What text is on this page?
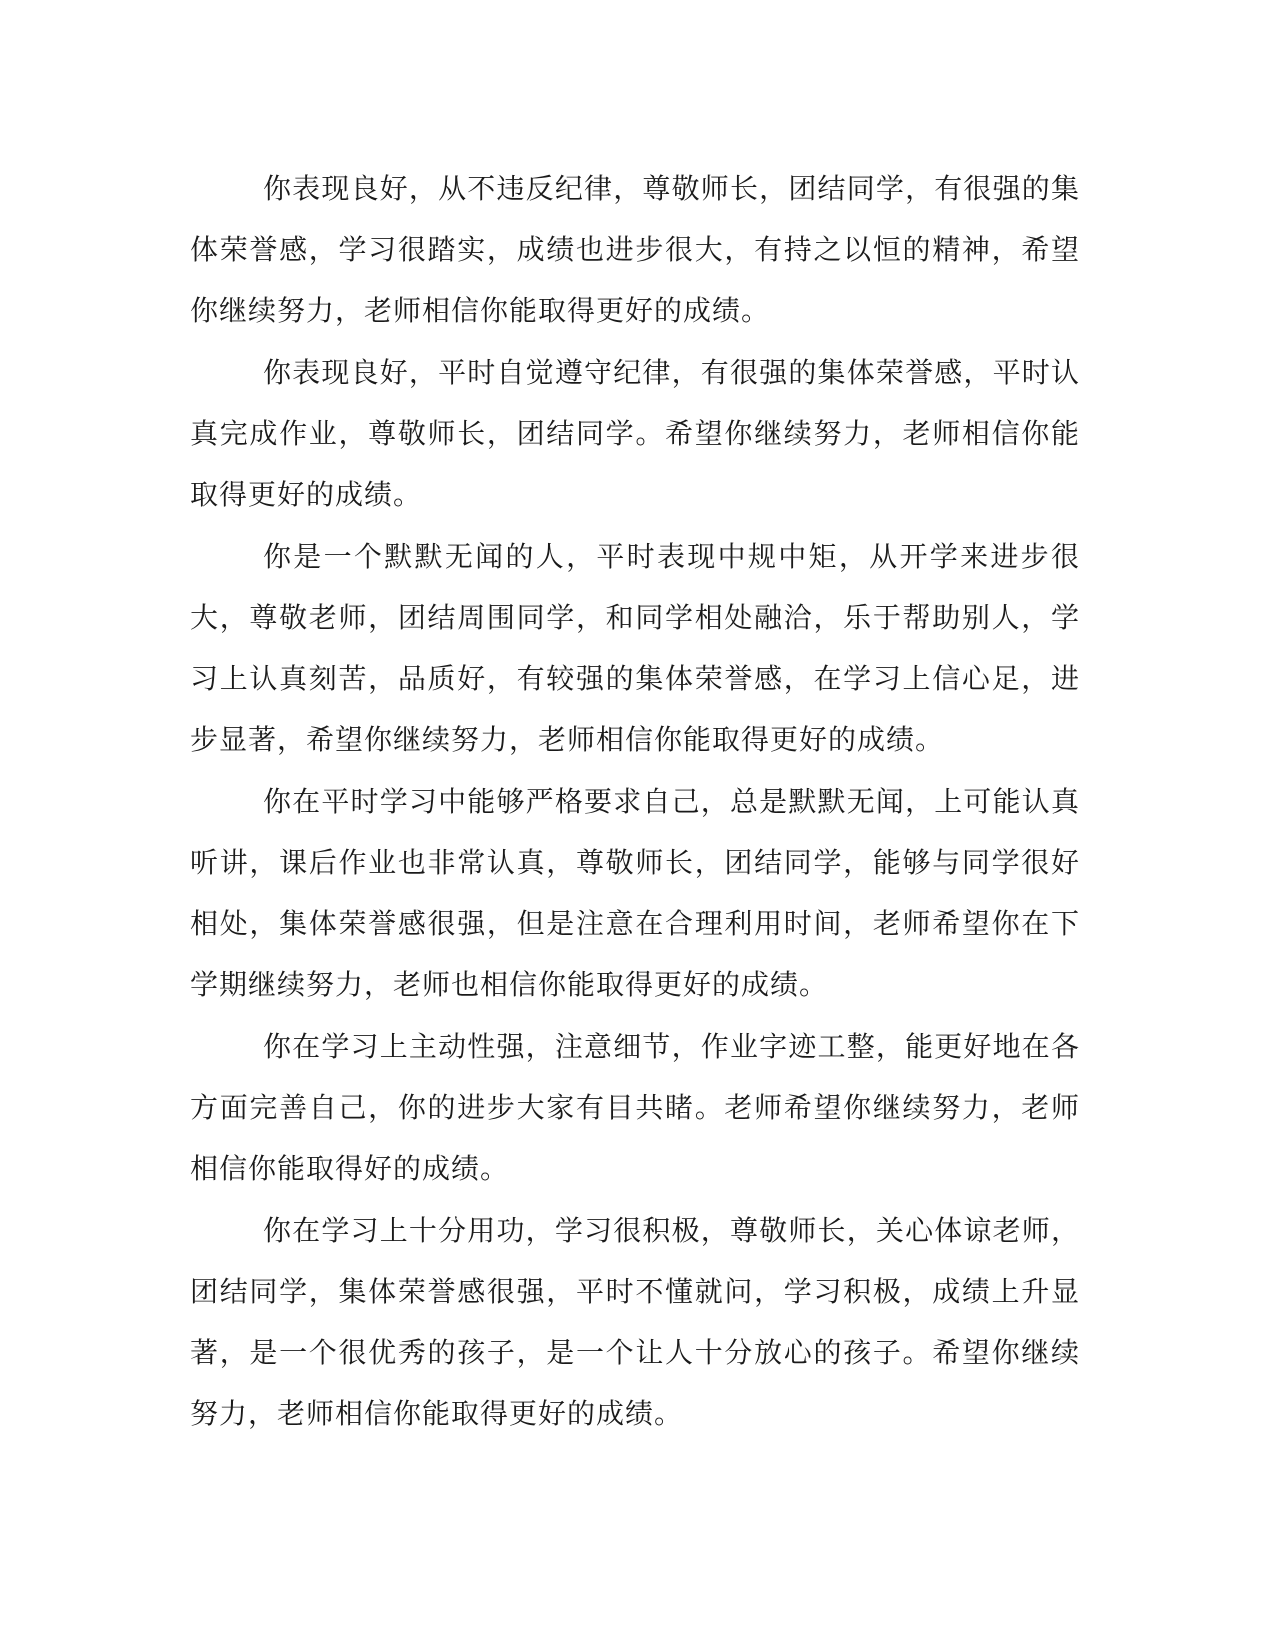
你表现良好，从不违反纪律，尊敬师长，团结同学，有很强的集体荣誉感，学习很踏实，成绩也进步很大，有持之以恒的精神，希望你继续努力，老师相信你能取得更好的成绩。

你表现良好，平时自觉遵守纪律，有很强的集体荣誉感，平时认真完成作业，尊敬师长，团结同学。希望你继续努力，老师相信你能取得更好的成绩。

你是一个默默无闻的人，平时表现中规中矩，从开学来进步很大，尊敬老师，团结周围同学，和同学相处融洽，乐于帮助别人，学习上认真刻苦，品质好，有较强的集体荣誉感，在学习上信心足，进步显著，希望你继续努力，老师相信你能取得更好的成绩。

你在平时学习中能够严格要求自己，总是默默无闻，上可能认真听讲，课后作业也非常认真，尊敬师长，团结同学，能够与同学很好相处，集体荣誉感很强，但是注意在合理利用时间，老师希望你在下学期继续努力，老师也相信你能取得更好的成绩。

你在学习上主动性强，注意细节，作业字迹工整，能更好地在各方面完善自己，你的进步大家有目共睹。老师希望你继续努力，老师相信你能取得好的成绩。

你在学习上十分用功，学习很积极，尊敬师长，关心体谅老师，团结同学，集体荣誉感很强，平时不懂就问，学习积极，成绩上升显著，是一个很优秀的孩子，是一个让人十分放心的孩子。希望你继续努力，老师相信你能取得更好的成绩。
